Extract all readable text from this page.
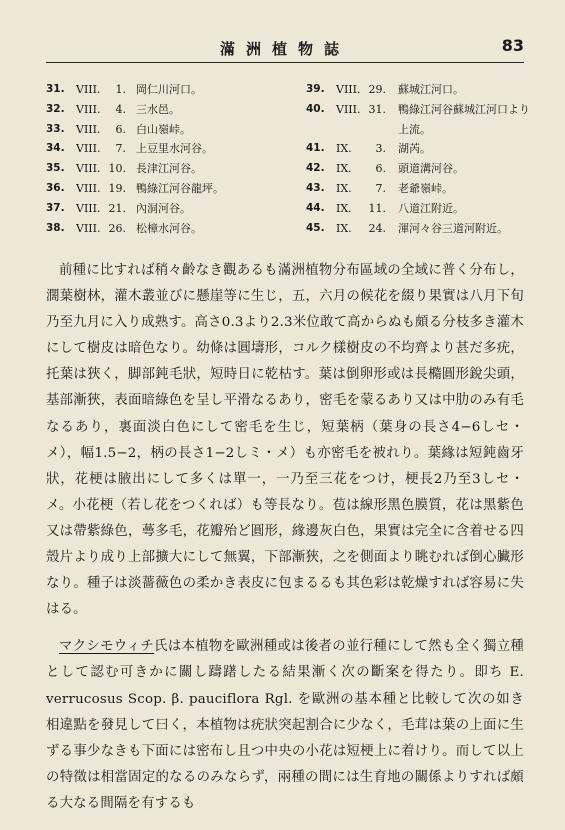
滿洲植物誌	83
31. VIII.	1. 岡仁川河口。
32. VIII.	4. 三水邑。
33. VIII.	6. 白山嶺峠。
34. VIII.	7. 上豆里水河谷。
35. VIII. 10. 長津江河谷。
36. VIII. 19. 鴨綠江河谷龍坪。
37. VIII. 21. 內洞河谷。
38. VIII. 26. 松樟水河谷。
39. VIII. 29. 蘇城江河口。
40. VIII. 31. 鴨綠江河谷蘇城江河口より
上流。
41. IX.	3. 湖芮。
42. IX.	6. 頭道溝河谷。
43. IX.	7. 老爺嶺峠。
44. IX. 11. 八道江附近。
45. IX. 24. 渾河々谷三道河附近。

前種に比すれば稍々齡なき觀あるも滿洲植物分布區域の全域に普く分布し，濶葉樹林，灌木叢並びに懸崖等に生じ，五，六月の候花を綴り果實は八月下旬乃至九月に入り成熟す。高さ0.3より2.3米位敢て高からぬも頗る分枝多き灌木にして樹皮は暗色なり。幼條は圓壔形，コルク樣樹皮の不均齊より甚だ多疣，托葉は狹く，脚部鈍毛狀，短時日に乾枯す。葉は倒卵形或は長橢圓形銳尖頭，基部漸狹，表面暗綠色を呈し平滑なるあり，密毛を蒙るあり又は中肋のみ有毛なるあり，裏面淡白色にして密毛を生じ，短葉柄（葉身の長さ4−6しセ・メ），幅1.5−2，柄の長さ1−2しミ・メ）も亦密毛を被れり。葉緣は短鈍齒牙狀，花梗は腋出にして多くは單一，一乃至三花をつけ，梗長2乃至3しセ・メ。小花梗（若し花をつくれば）も等長なり。苞は線形黑色膜質，花は黑紫色又は帶紫綠色，蕚多毛，花瓣殆ど圓形，緣邊灰白色，果實は完全に含着せる四殼片より成り上部擴大にして無翼，下部漸狹，之を側面より眺むれば倒心臟形なり。種子は淡薔薇色の柔かき表皮に包まるるも其色彩は乾燥すれば容易に失はる。

マクシモウィチ氏は本植物を歐洲種或は後者の並行種にして然も全く獨立種として認む可きかに關し躊躇したる結果漸く次の斷案を得たり。即ち E. verrucosus Scop. β. pauciflora Rgl. を歐洲の基本種と比較して次の如き相違點を發見して曰く，本植物は疣狀突起割合に少なく，毛茸は葉の上面に生ずる事少なきも下面には密布し且つ中央の小花は短梗上に着けり。而して以上の特徵は相當固定的なるのみならず，兩種の間には生育地の關係よりすれば頗る大なる間隔を有するも
